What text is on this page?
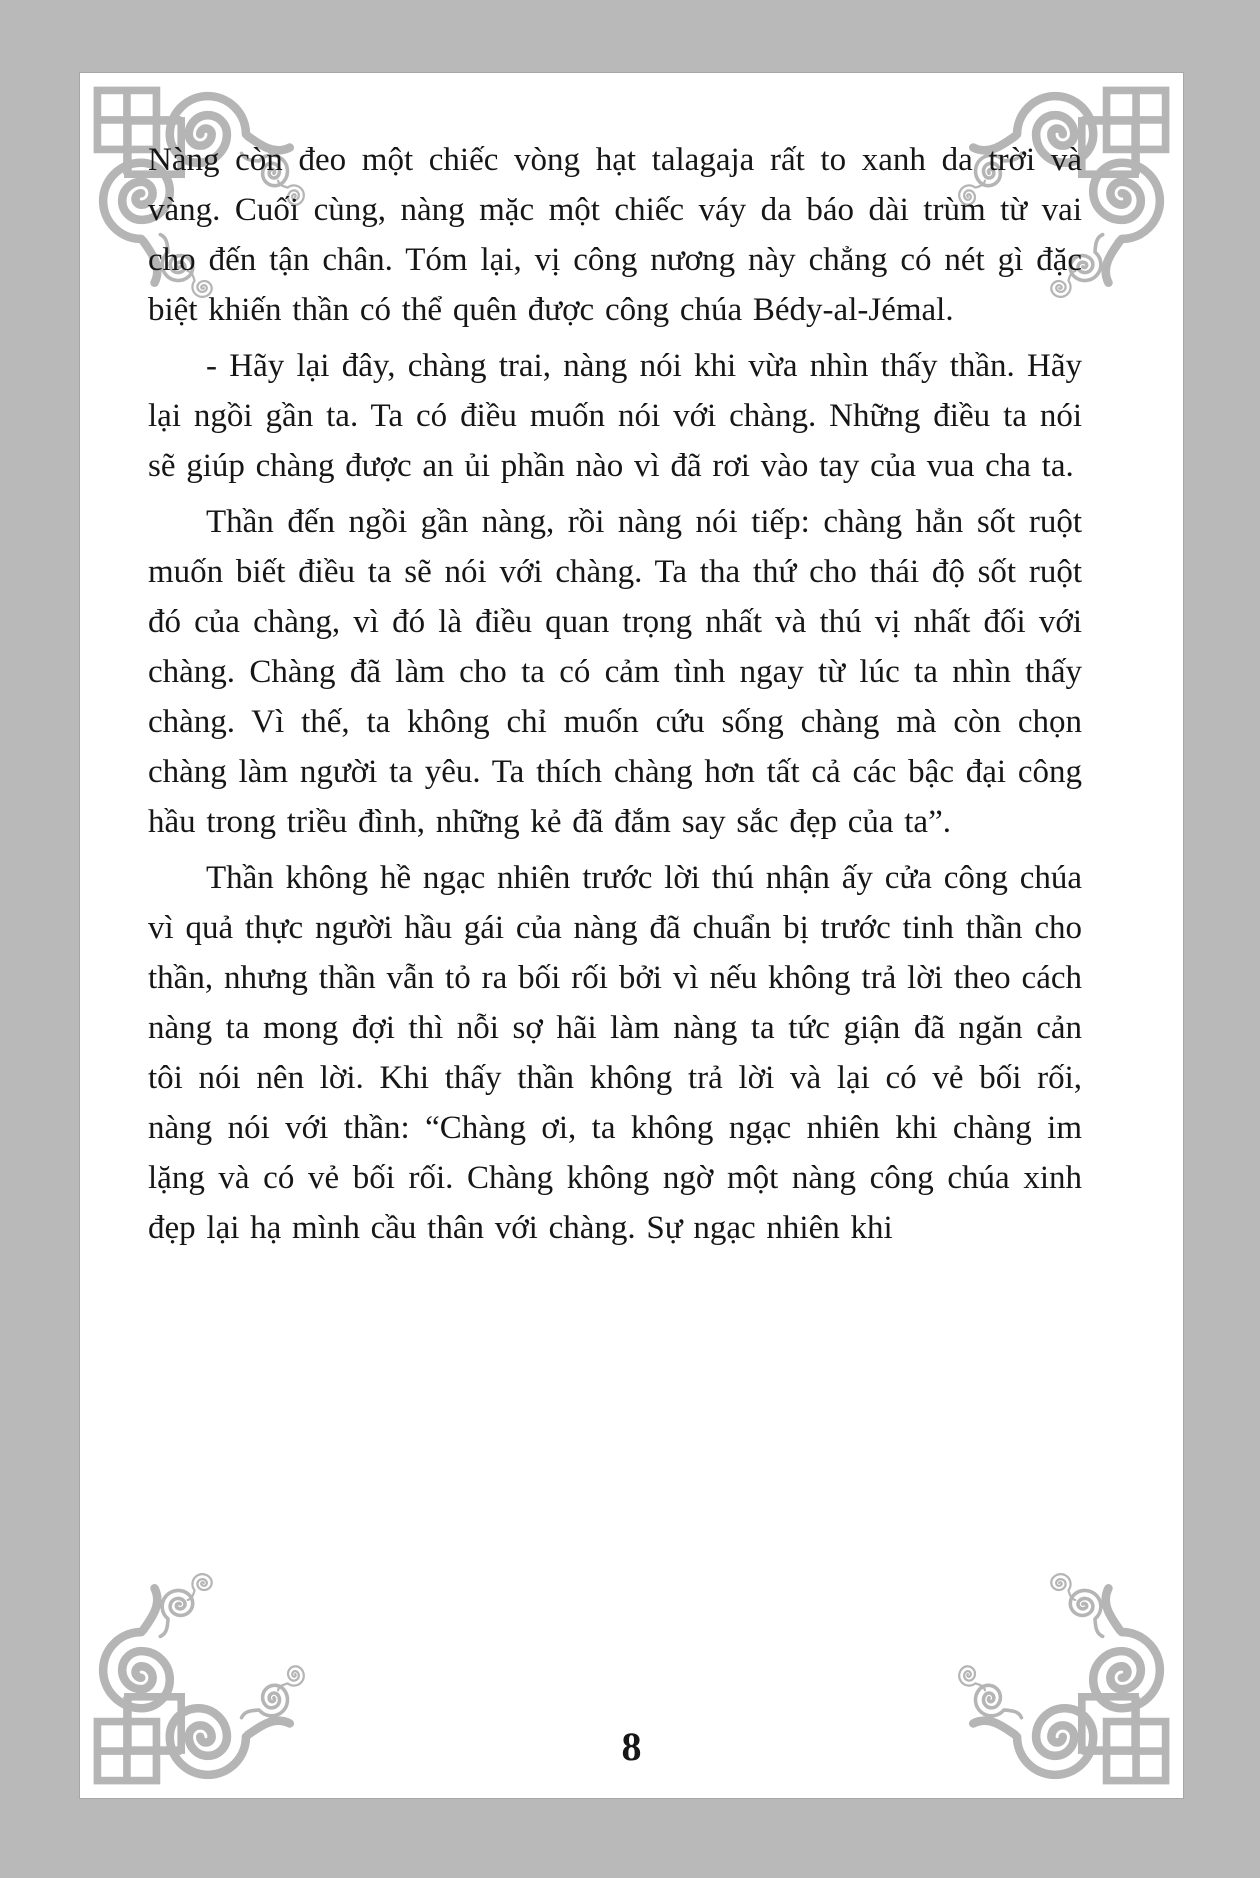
Nàng còn đeo một chiếc vòng hạt talagaja rất to xanh da trời và vàng. Cuối cùng, nàng mặc một chiếc váy da báo dài trùm từ vai cho đến tận chân. Tóm lại, vị công nương này chẳng có nét gì đặc biệt khiến thần có thể quên được công chúa Bédy-al-Jémal.

- Hãy lại đây, chàng trai, nàng nói khi vừa nhìn thấy thần. Hãy lại ngồi gần ta. Ta có điều muốn nói với chàng. Những điều ta nói sẽ giúp chàng được an ủi phần nào vì đã rơi vào tay của vua cha ta.

Thần đến ngồi gần nàng, rồi nàng nói tiếp: chàng hẳn sốt ruột muốn biết điều ta sẽ nói với chàng. Ta tha thứ cho thái độ sốt ruột đó của chàng, vì đó là điều quan trọng nhất và thú vị nhất đối với chàng. Chàng đã làm cho ta có cảm tình ngay từ lúc ta nhìn thấy chàng. Vì thế, ta không chỉ muốn cứu sống chàng mà còn chọn chàng làm người ta yêu. Ta thích chàng hơn tất cả các bậc đại công hầu trong triều đình, những kẻ đã đắm say sắc đẹp của ta”.

Thần không hề ngạc nhiên trước lời thú nhận ấy cửa công chúa vì quả thực người hầu gái của nàng đã chuẩn bị trước tinh thần cho thần, nhưng thần vẫn tỏ ra bối rối bởi vì nếu không trả lời theo cách nàng ta mong đợi thì nỗi sợ hãi làm nàng ta tức giận đã ngăn cản tôi nói nên lời. Khi thấy thần không trả lời và lại có vẻ bối rối, nàng nói với thần: “Chàng ơi, ta không ngạc nhiên khi chàng im lặng và có vẻ bối rối. Chàng không ngờ một nàng công chúa xinh đẹp lại hạ mình cầu thân với chàng. Sự ngạc nhiên khi

8
